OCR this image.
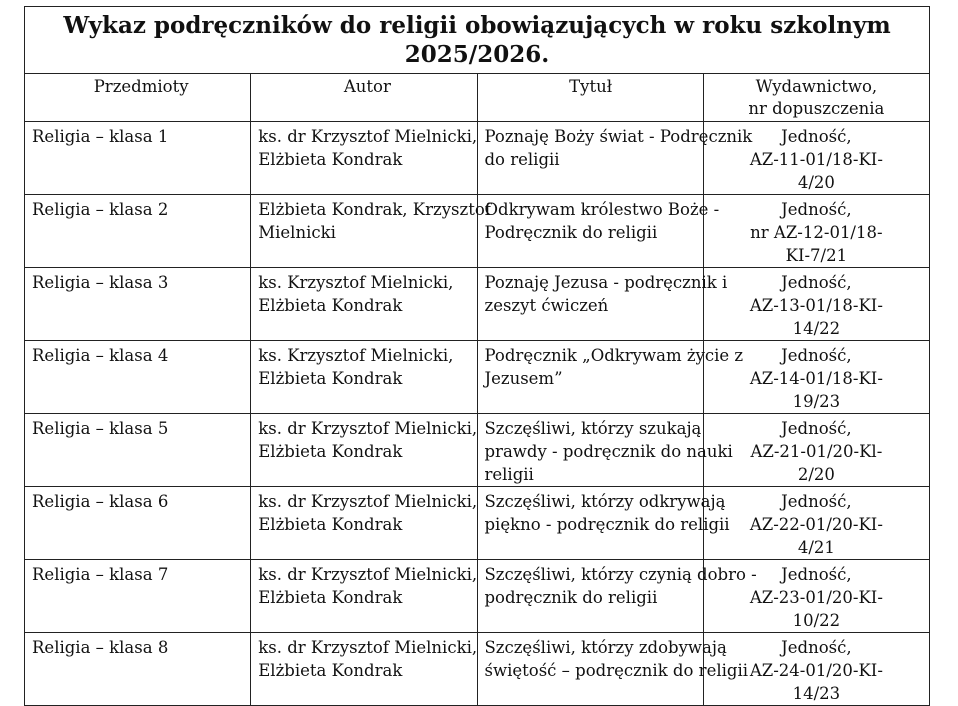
Wykaz podręczników do religii obowiązujących w roku szkolnym
2025/2026.			

Przedmioty	Autor	Tytuł	Wydawnictwo,
nr dopuszczenia

Religia – klasa 1	ks. dr Krzysztof Mielnicki,
Elżbieta Kondrak	Poznaję Boży świat - Podręcznik
do religii	Jedność,
AZ-11-01/18-KI-
4/20

Religia – klasa 2	Elżbieta Kondrak, Krzysztof
Mielnicki	Odkrywam królestwo Boże -
Podręcznik do religii	Jedność,
nr AZ-12-01/18-
KI-7/21

Religia – klasa 3	ks. Krzysztof Mielnicki,
Elżbieta Kondrak	Poznaję Jezusa - podręcznik i
zeszyt ćwiczeń	Jedność,
AZ-13-01/18-KI-
14/22

Religia – klasa 4	ks. Krzysztof Mielnicki,
Elżbieta Kondrak	Podręcznik „Odkrywam życie z
Jezusem”	Jedność,
AZ-14-01/18-KI-
19/23

Religia – klasa 5	ks. dr Krzysztof Mielnicki,
Elżbieta Kondrak	Szczęśliwi, którzy szukają
prawdy - podręcznik do nauki
religii	Jedność,
AZ-21-01/20-Kl-
2/20

Religia – klasa 6	ks. dr Krzysztof Mielnicki,
Elżbieta Kondrak	Szczęśliwi, którzy odkrywają
piękno - podręcznik do religii	Jedność,
AZ-22-01/20-KI-
4/21

Religia – klasa 7	ks. dr Krzysztof Mielnicki,
Elżbieta Kondrak	Szczęśliwi, którzy czynią dobro -
podręcznik do religii	Jedność,
AZ-23-01/20-KI-
10/22

Religia – klasa 8	ks. dr Krzysztof Mielnicki,
Elżbieta Kondrak	Szczęśliwi, którzy zdobywają
świętość – podręcznik do religii	Jedność,
AZ-24-01/20-KI-
14/23
